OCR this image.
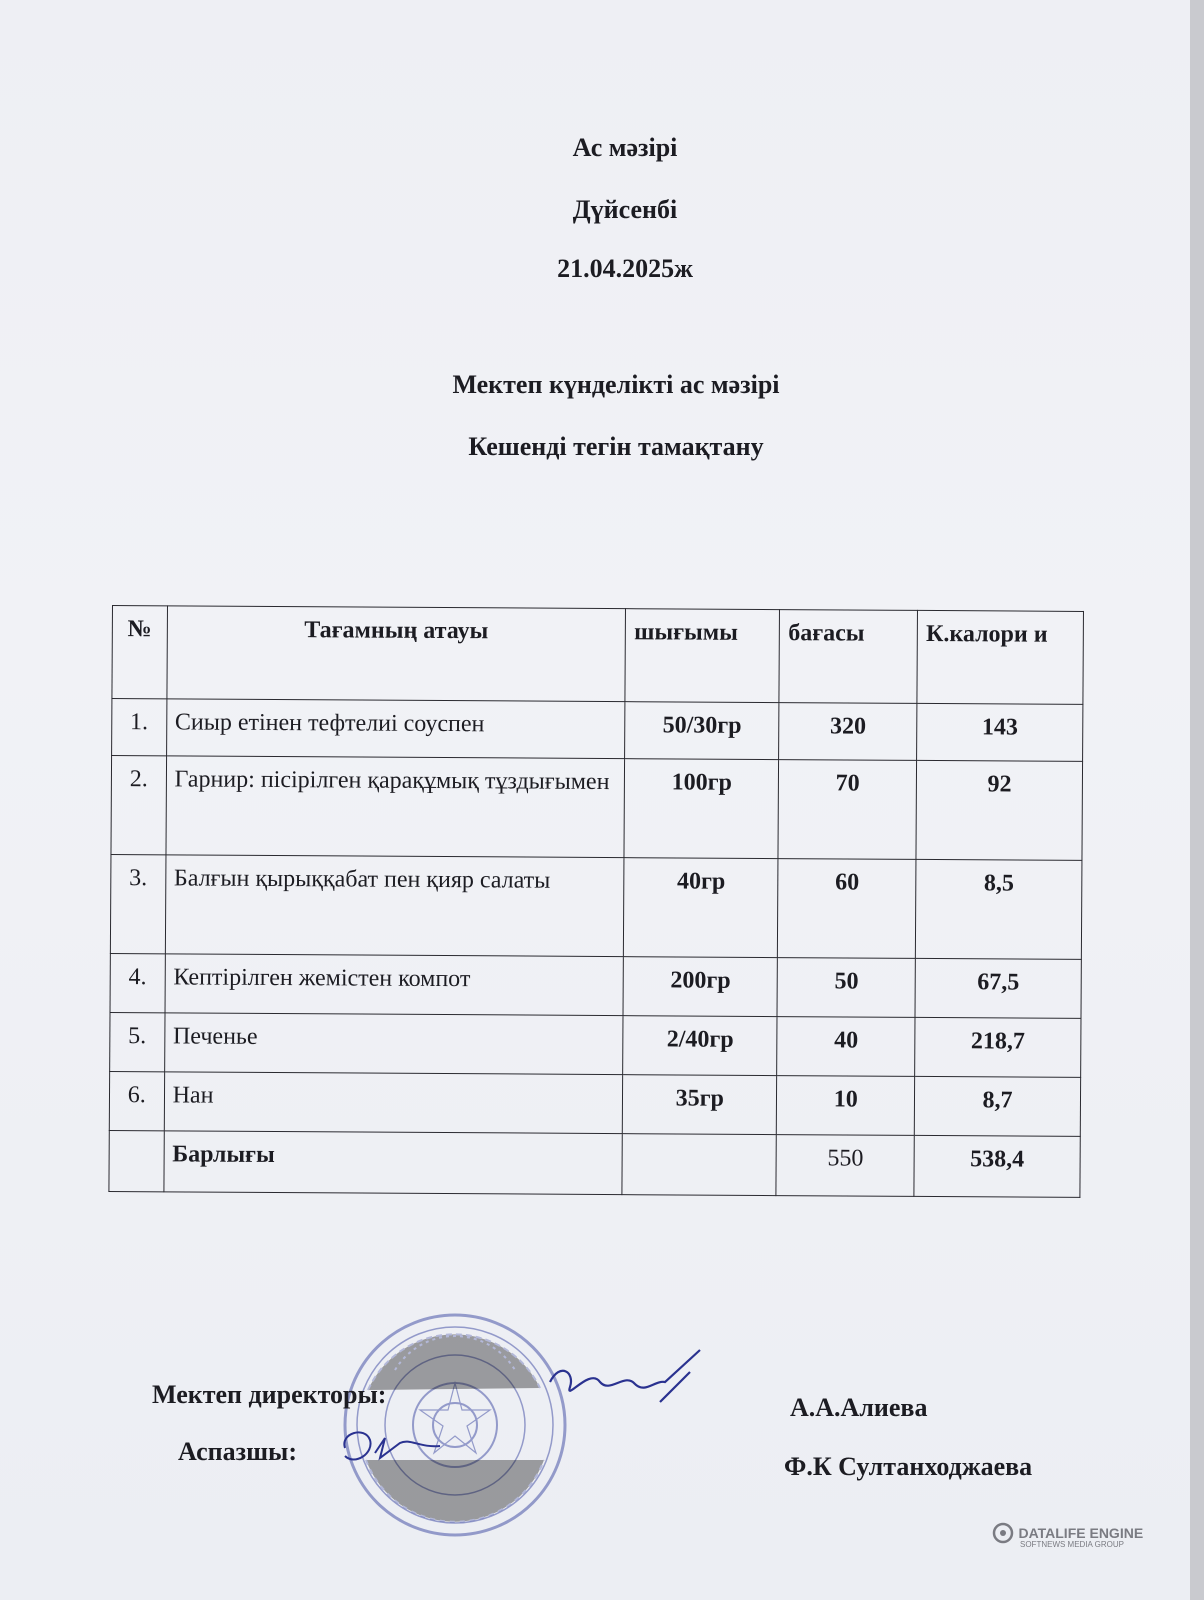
Ас мәзірі
Дүйсенбі
21.04.2025ж
Мектеп күнделікті ас мәзірі
Кешенді тегін тамақтану
№	Тағамның атауы	шығымы	бағасы	К.калори и
1.	Сиыр етінен тефтелиі соуспен	50/30гр	320	143
2.	Гарнир: пісірілген қарақұмық тұздығымен	100гр	70	92
3.	Балғын қырыққабат пен қияр салаты	40гр	60	8,5
4.	Кептірілген жемістен компот	200гр	50	67,5
5.	Печенье	2/40гр	40	218,7
6.	Нан	35гр	10	8,7
	Барлығы		550	538,4
Мектеп директоры:	А.А.Алиева
Аспазшы:
Ф.К Султанходжаева
DATALIFE ENGINE
SOFTNEWS MEDIA GROUP
